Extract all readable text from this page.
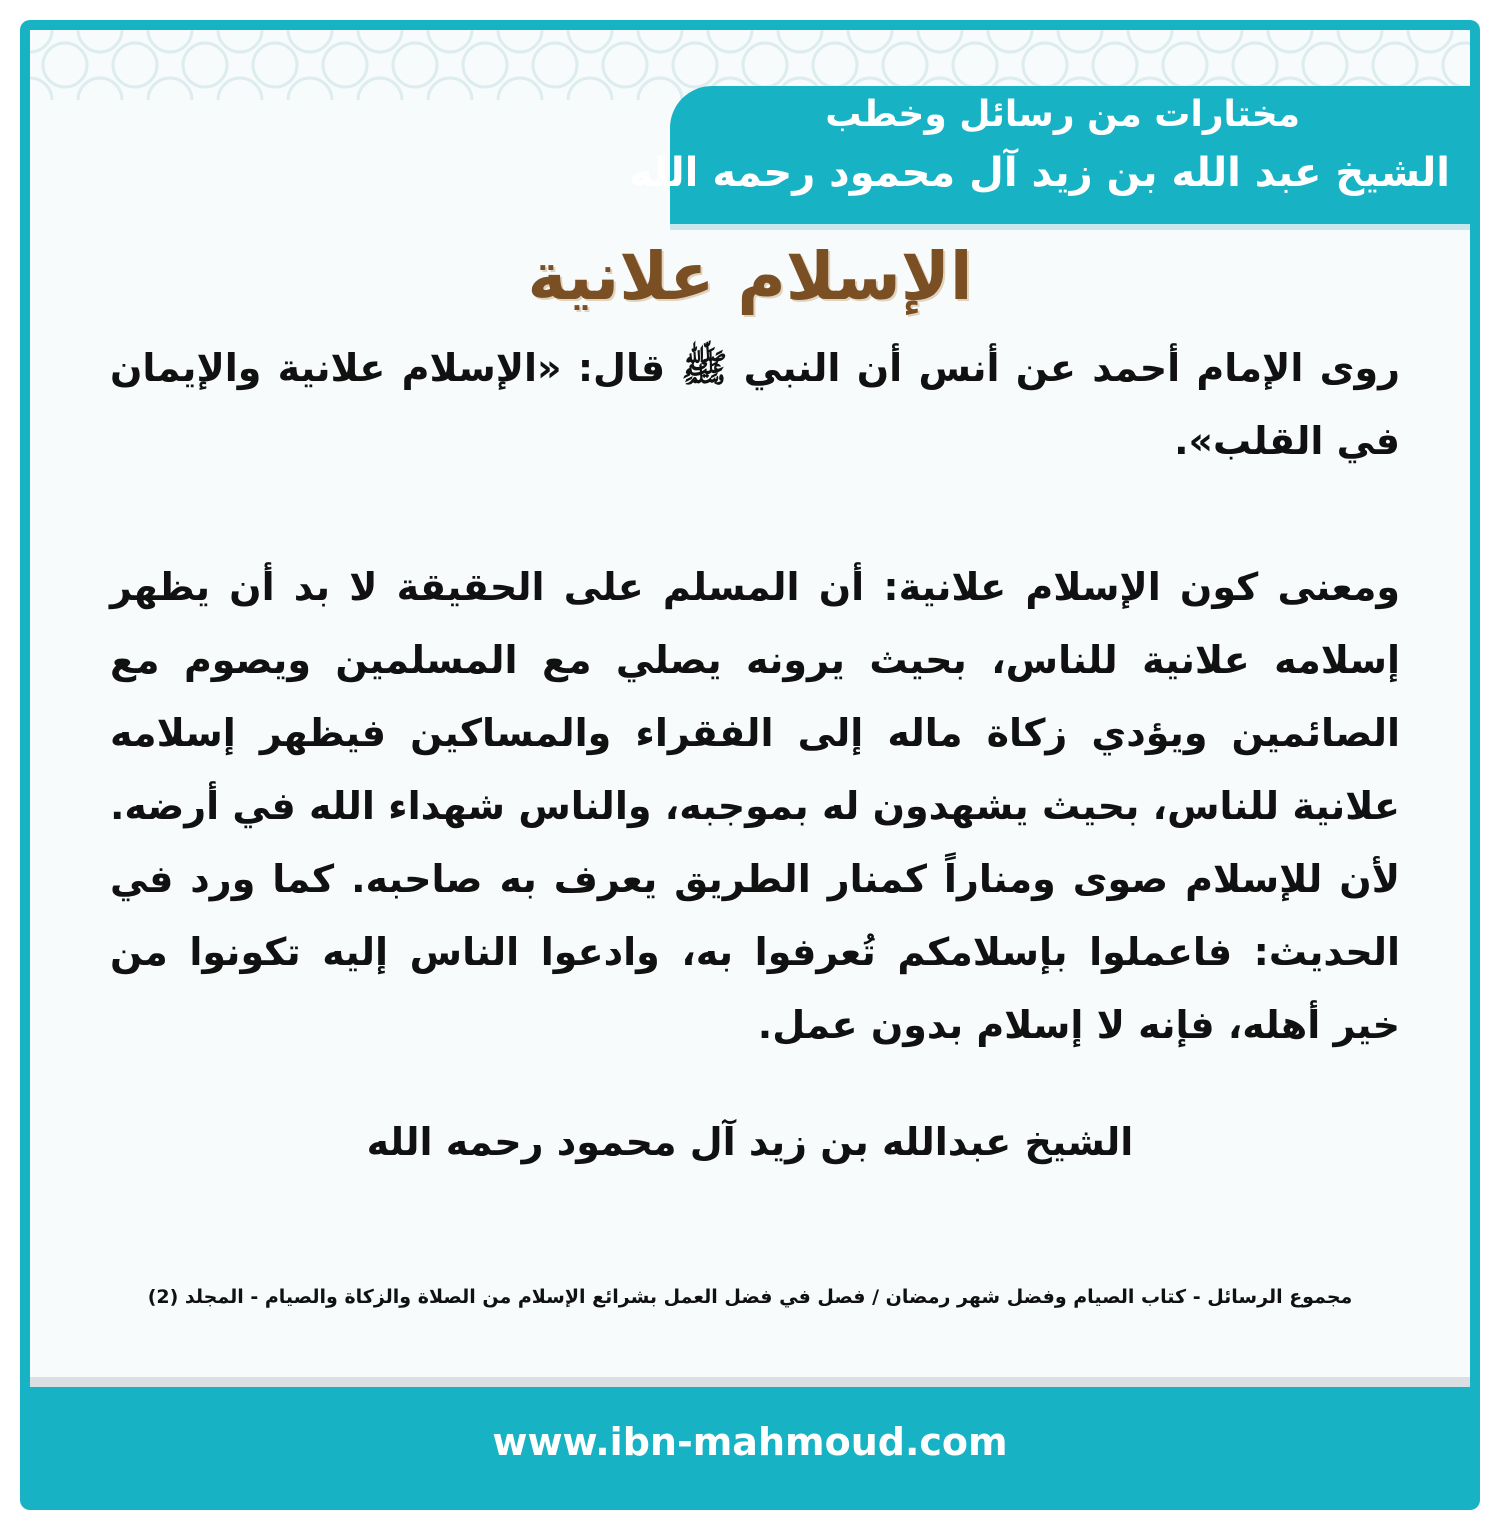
مختارات من رسائل وخطب
الشيخ عبد الله بن زيد آل محمود رحمه الله
الإسلام علانية

روى الإمام أحمد عن أنس أن النبي ﷺ قال: «الإسلام علانية والإيمان في القلب».

ومعنى كون الإسلام علانية: أن المسلم على الحقيقة لا بد أن يظهر إسلامه علانية للناس، بحيث يرونه يصلي مع المسلمين ويصوم مع الصائمين ويؤدي زكاة ماله إلى الفقراء والمساكين فيظهر إسلامه علانية للناس، بحيث يشهدون له بموجبه، والناس شهداء الله في أرضه. لأن للإسلام صوى ومناراً كمنار الطريق يعرف به صاحبه. كما ورد في الحديث: فاعملوا بإسلامكم تُعرفوا به، وادعوا الناس إليه تكونوا من خير أهله، فإنه لا إسلام بدون عمل.

الشيخ عبدالله بن زيد آل محمود رحمه الله
مجموع الرسائل - كتاب الصيام وفضل شهر رمضان / فصل في فضل العمل بشرائع الإسلام من الصلاة والزكاة والصيام - المجلد (2)
www.ibn-mahmoud.com
